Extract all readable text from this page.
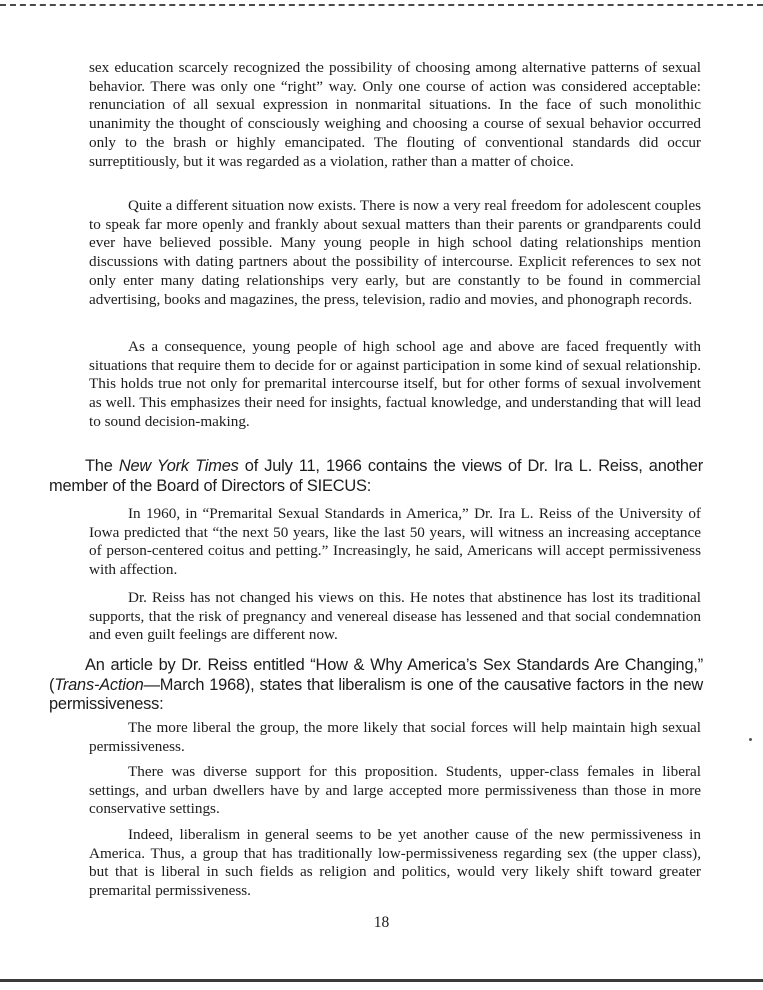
sex education scarcely recognized the possibility of choosing among alternative patterns of sexual behavior. There was only one “right” way. Only one course of action was considered acceptable: renunciation of all sexual expression in nonmarital situations. In the face of such monolithic unanimity the thought of consciously weighing and choosing a course of sexual behavior occurred only to the brash or highly emancipated. The flouting of conventional standards did occur surreptitiously, but it was regarded as a violation, rather than a matter of choice.

Quite a different situation now exists. There is now a very real freedom for adolescent couples to speak far more openly and frankly about sexual matters than their parents or grandparents could ever have believed possible. Many young people in high school dating relationships mention discussions with dating partners about the possibility of intercourse. Explicit references to sex not only enter many dating relationships very early, but are constantly to be found in commercial advertising, books and magazines, the press, television, radio and movies, and phonograph records.

As a consequence, young people of high school age and above are faced frequently with situations that require them to decide for or against participation in some kind of sexual relationship. This holds true not only for premarital intercourse itself, but for other forms of sexual involvement as well. This emphasizes their need for insights, factual knowledge, and understanding that will lead to sound decision-making.

The New York Times of July 11, 1966 contains the views of Dr. Ira L. Reiss, another member of the Board of Directors of SIECUS:

In 1960, in “Premarital Sexual Standards in America,” Dr. Ira L. Reiss of the University of Iowa predicted that “the next 50 years, like the last 50 years, will witness an increasing acceptance of person-centered coitus and petting.” Increasingly, he said, Americans will accept permissiveness with affection.

Dr. Reiss has not changed his views on this. He notes that abstinence has lost its traditional supports, that the risk of pregnancy and venereal disease has lessened and that social condemnation and even guilt feelings are different now.

An article by Dr. Reiss entitled “How & Why America’s Sex Standards Are Changing,” (Trans-Action—March 1968), states that liberalism is one of the causative factors in the new permissiveness:

The more liberal the group, the more likely that social forces will help maintain high sexual permissiveness.

There was diverse support for this proposition. Students, upper-class females in liberal settings, and urban dwellers have by and large accepted more permissiveness than those in more conservative settings.

Indeed, liberalism in general seems to be yet another cause of the new permissiveness in America. Thus, a group that has traditionally low-permissiveness regarding sex (the upper class), but that is liberal in such fields as religion and politics, would very likely shift toward greater premarital permissiveness.

18
